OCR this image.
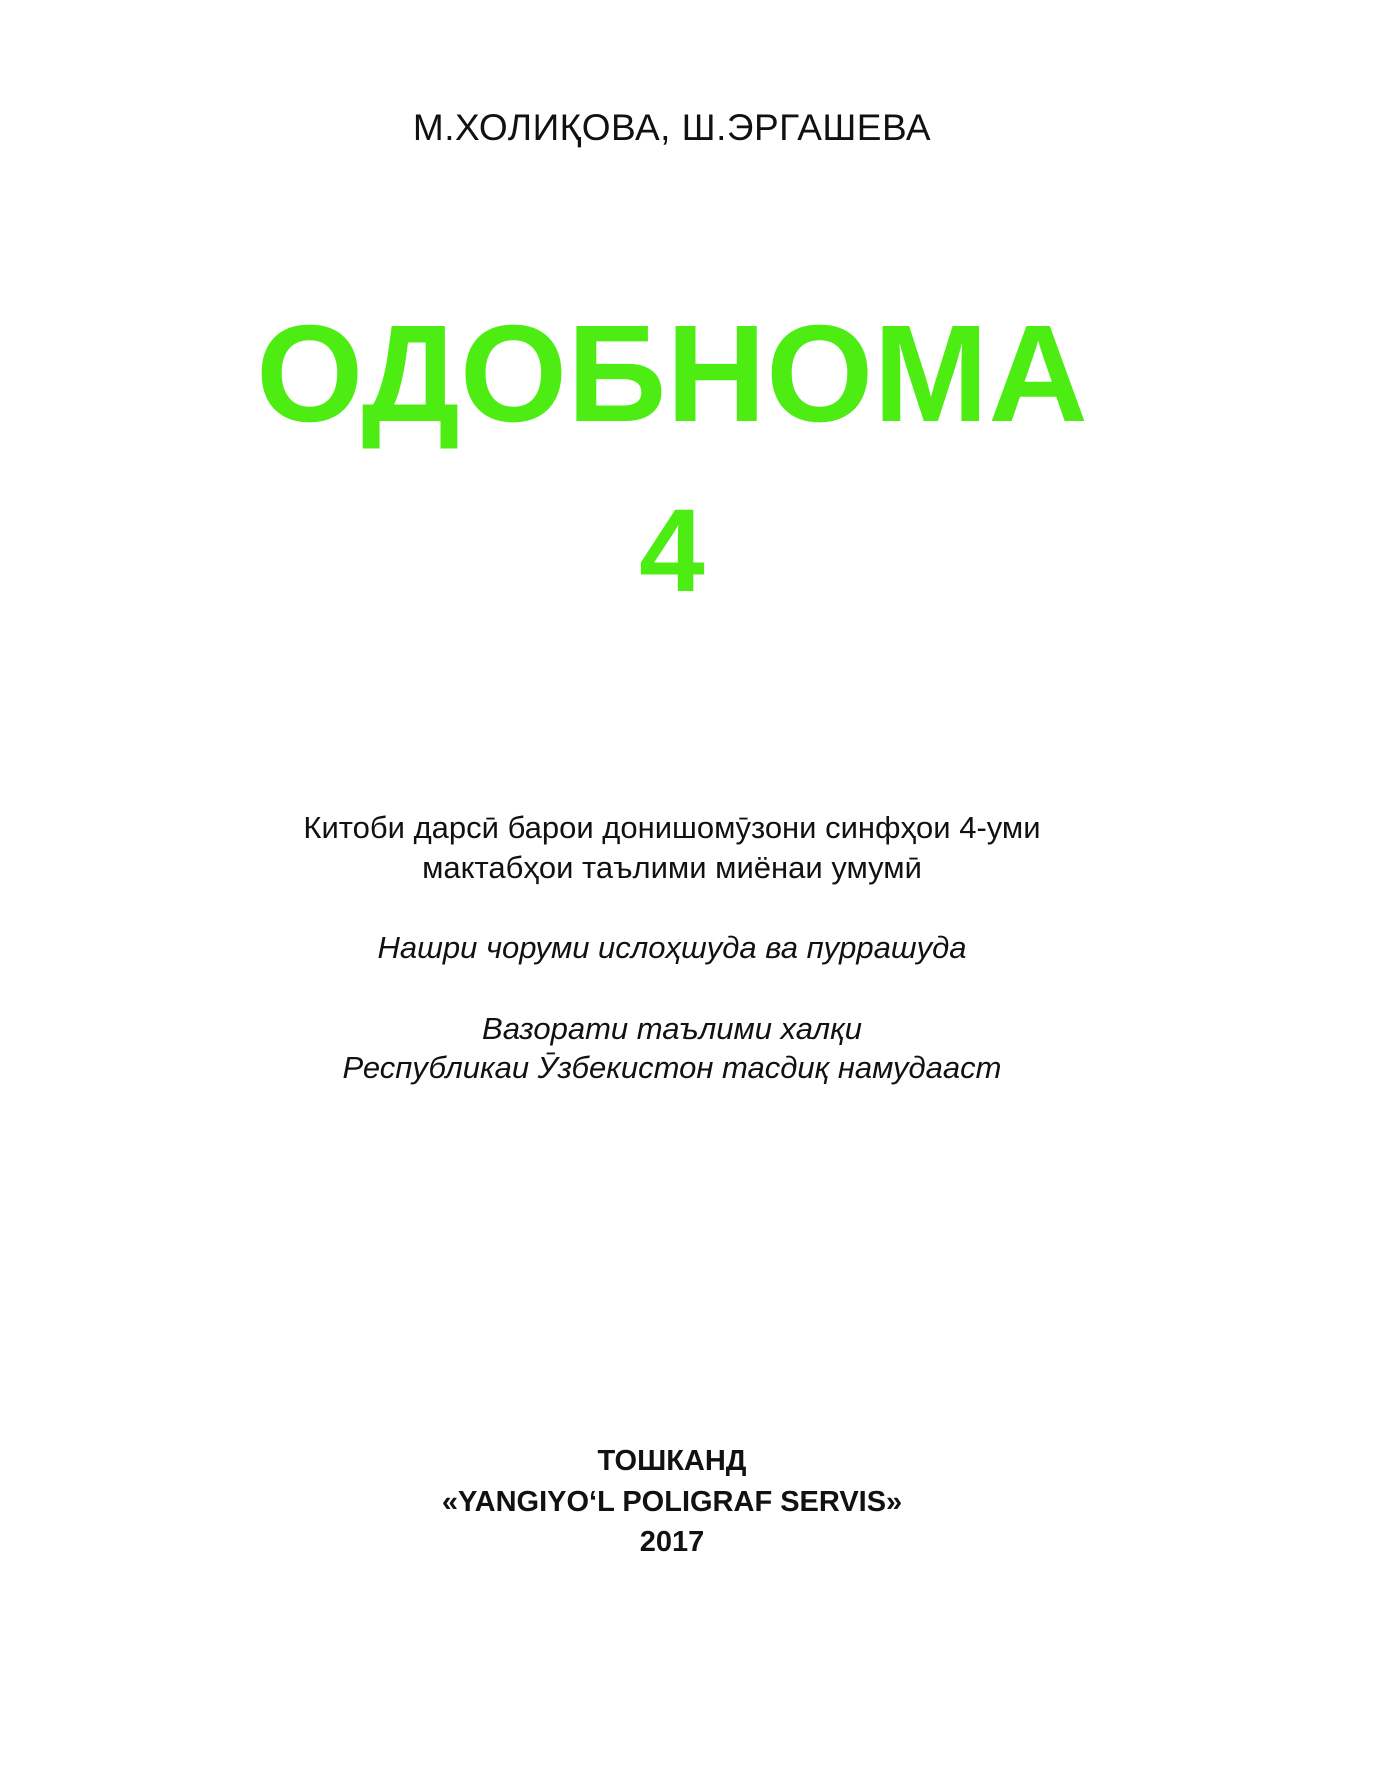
М.ХОЛИҚОВА, Ш.ЭРГАШЕВА
ОДОБНОМА
4
Китоби дарсӣ барои донишомӯзони синфҳои 4-уми
мактабҳои таълими миёнаи умумӣ
Нашри чоруми ислоҳшуда ва пуррашуда
Вазорати таълими халқи
Республикаи Ӯзбекистон тасдиқ намудааст
ТОШКАНД
«YANGIYO‘L POLIGRAF SERVIS»
2017
